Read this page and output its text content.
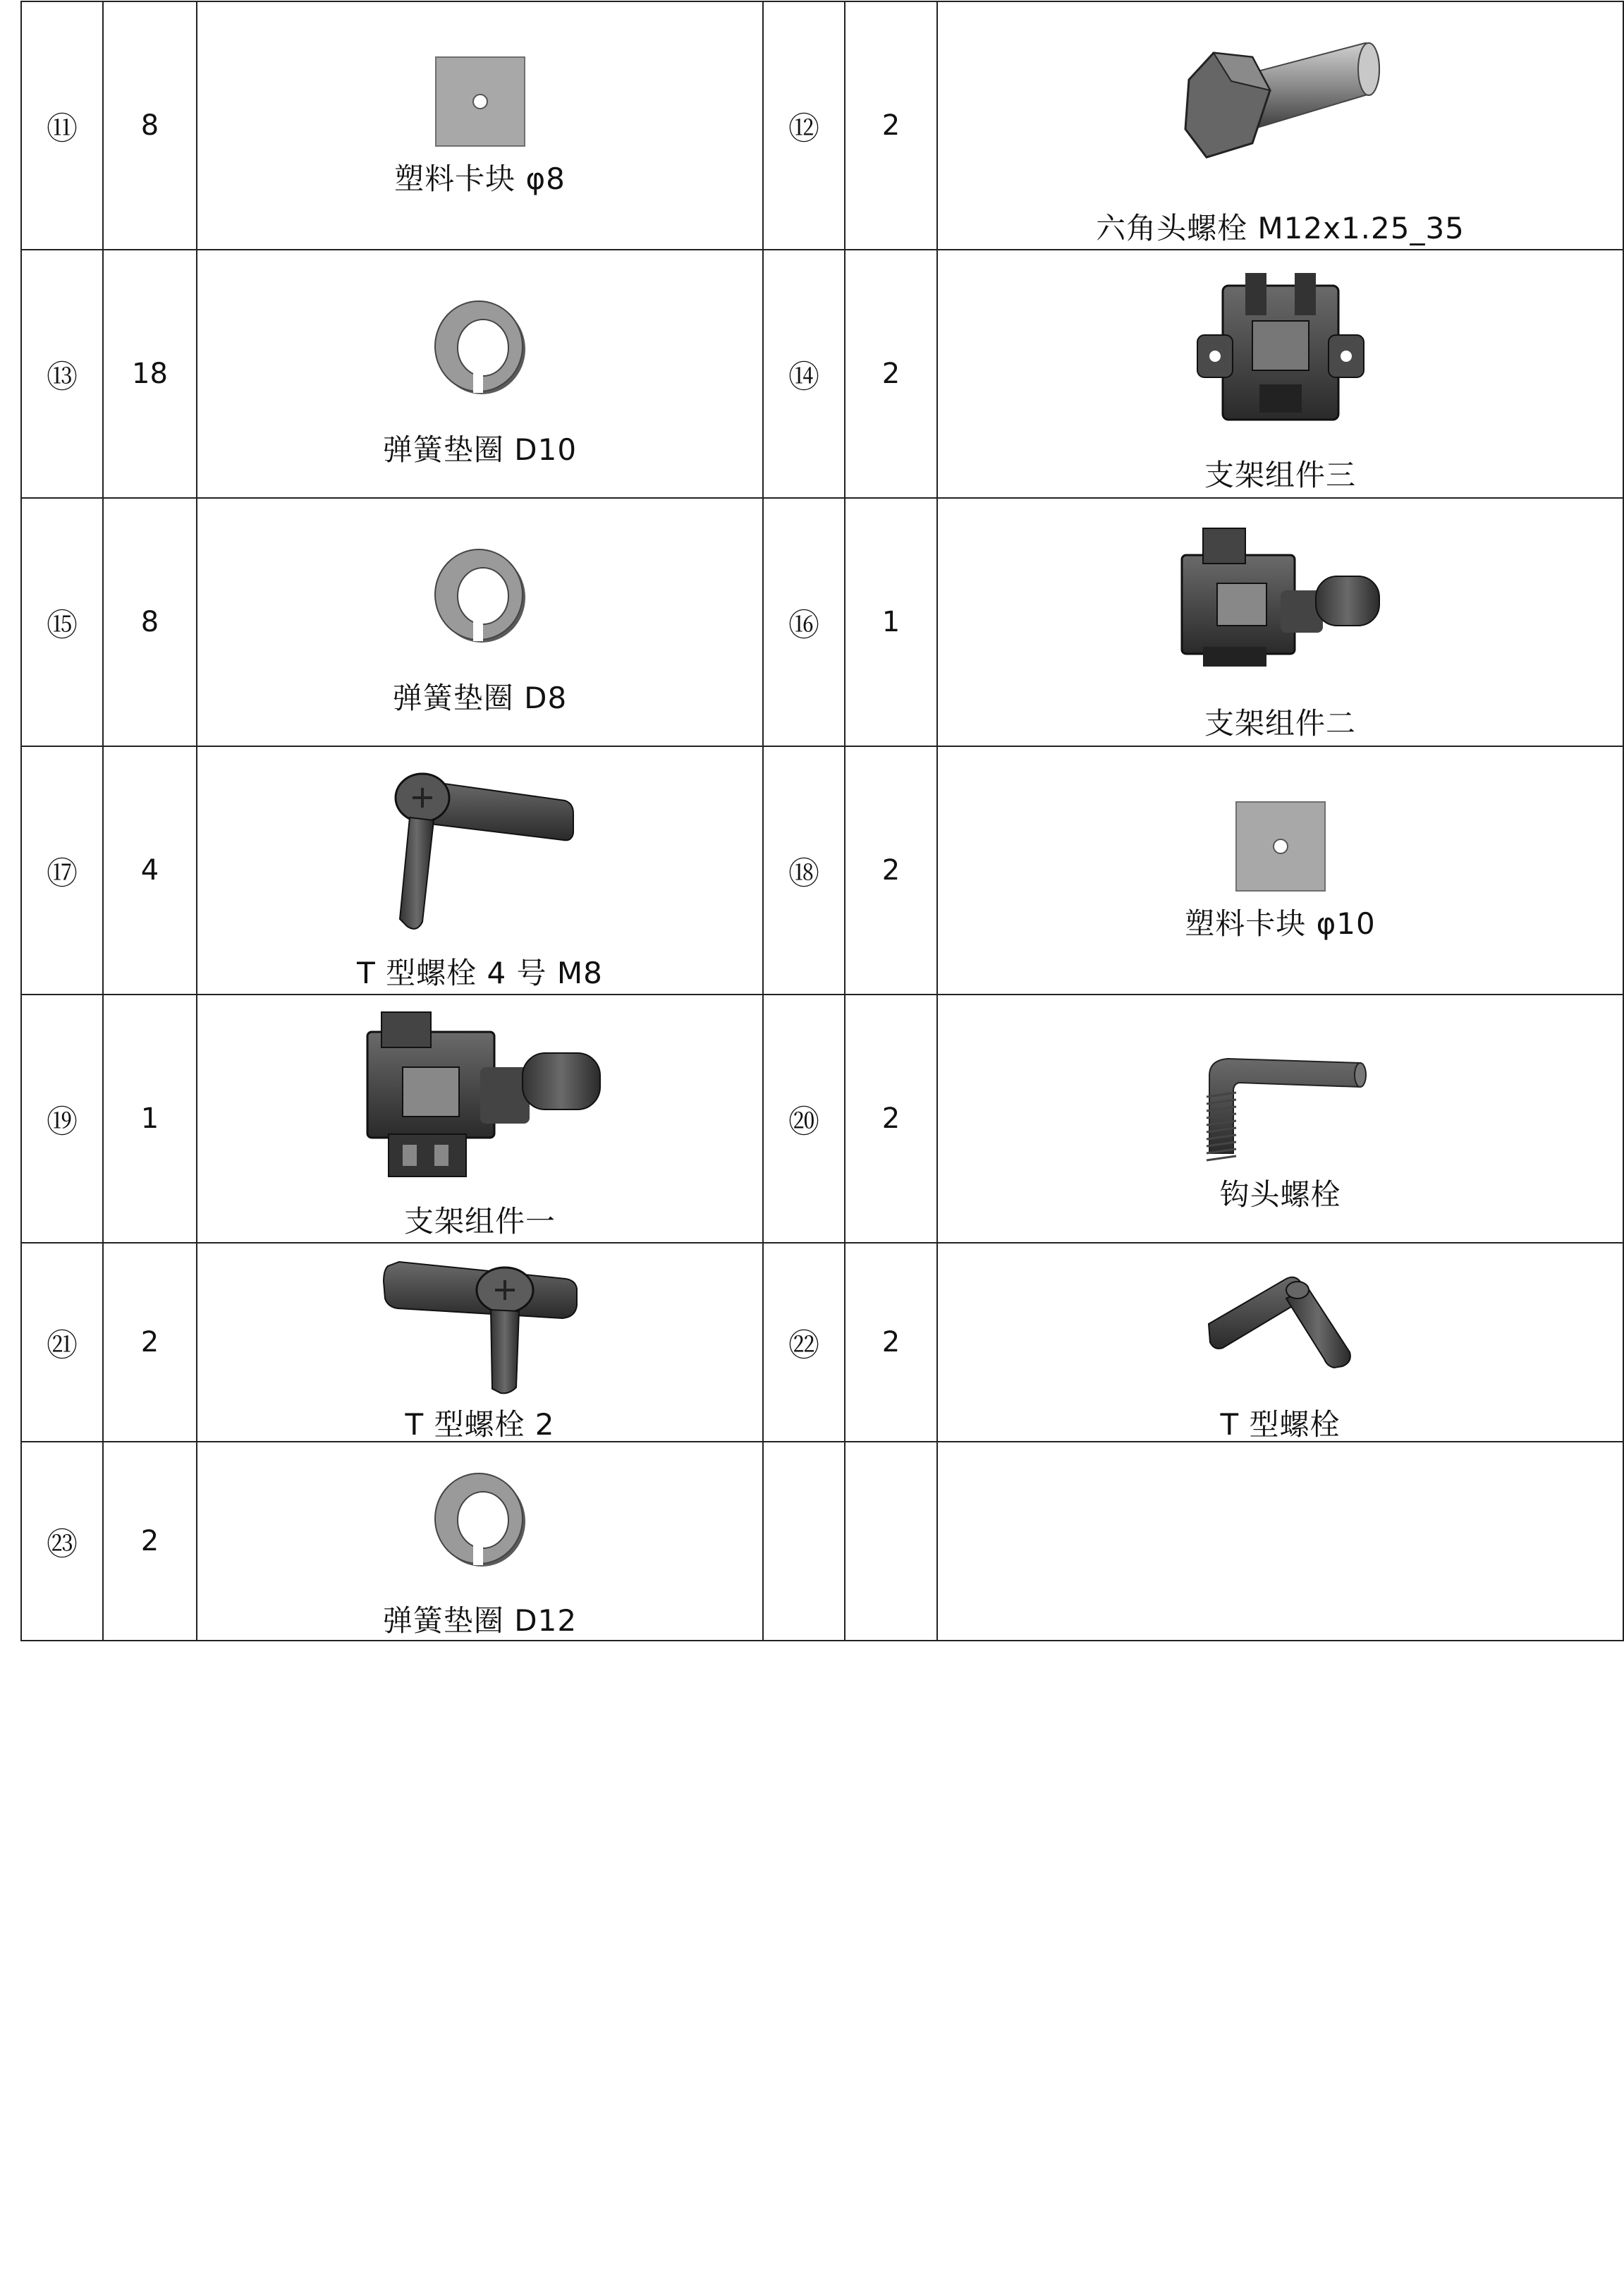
⑪	8	塑料卡块 φ8	⑫	2	六角头螺栓 M12x1.25_35

⑬	18	弹簧垫圈 D10	⑭	2	支架组件三

⑮	8	弹簧垫圈 D8	⑯	1	支架组件二

⑰	4	T 型螺栓 4 号 M8	⑱	2	塑料卡块 φ10

⑲	1	支架组件一	⑳	2	钩头螺栓

㉑	2	T 型螺栓 2	㉒	2	T 型螺栓

㉓	2	弹簧垫圈 D12			
